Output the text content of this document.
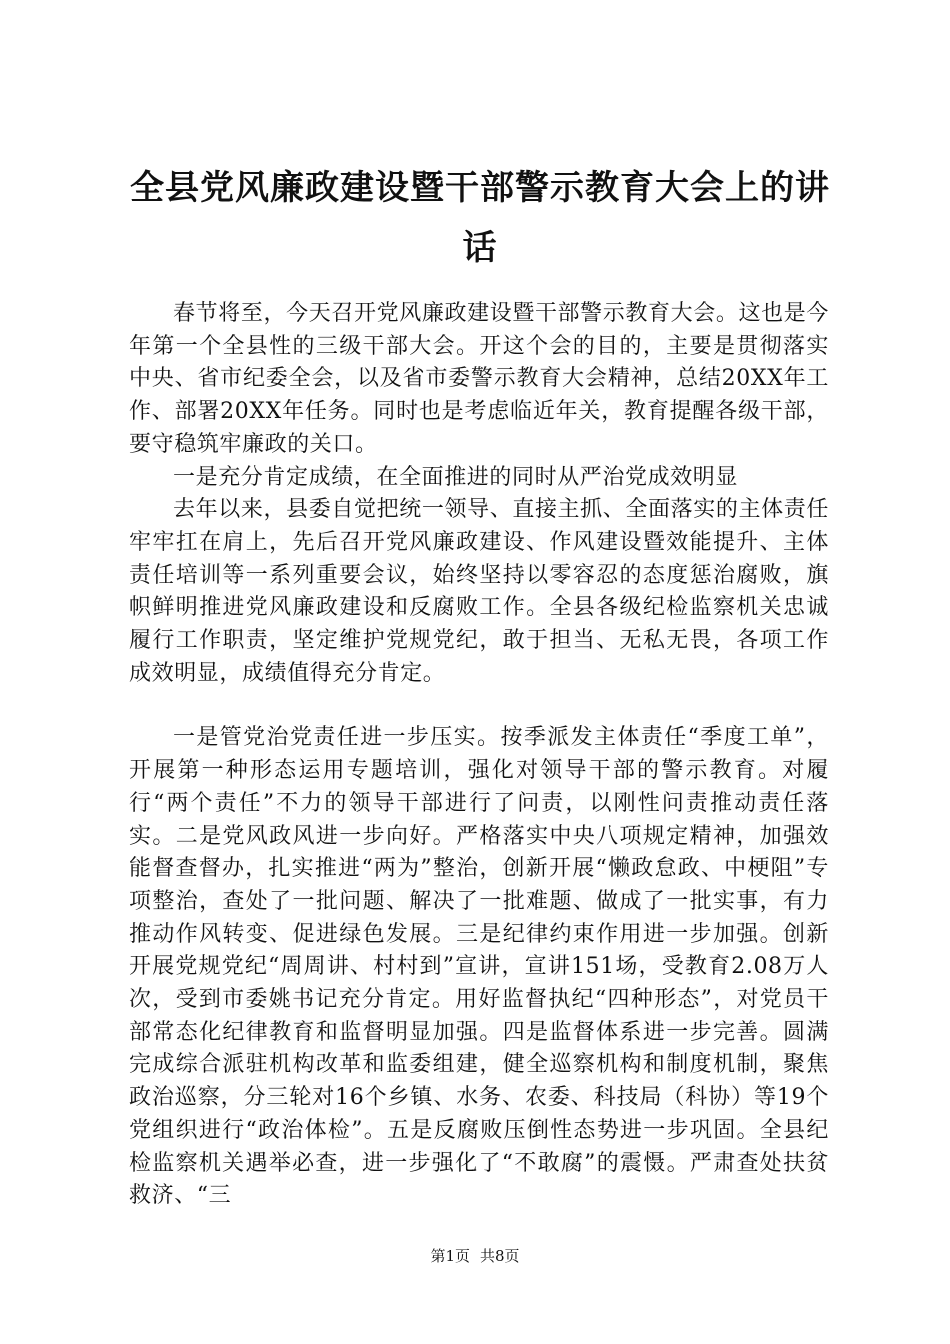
全县党风廉政建设暨干部警示教育大会上的讲话

春节将至，今天召开党风廉政建设暨干部警示教育大会。这也是今年第一个全县性的三级干部大会。开这个会的目的，主要是贯彻落实中央、省市纪委全会，以及省市委警示教育大会精神，总结20XX年工作、部署20XX年任务。同时也是考虑临近年关，教育提醒各级干部，要守稳筑牢廉政的关口。

一是充分肯定成绩，在全面推进的同时从严治党成效明显

去年以来，县委自觉把统一领导、直接主抓、全面落实的主体责任牢牢扛在肩上，先后召开党风廉政建设、作风建设暨效能提升、主体责任培训等一系列重要会议，始终坚持以零容忍的态度惩治腐败，旗帜鲜明推进党风廉政建设和反腐败工作。全县各级纪检监察机关忠诚履行工作职责，坚定维护党规党纪，敢于担当、无私无畏，各项工作成效明显，成绩值得充分肯定。

一是管党治党责任进一步压实。按季派发主体责任“季度工单”，开展第一种形态运用专题培训，强化对领导干部的警示教育。对履行“两个责任”不力的领导干部进行了问责，以刚性问责推动责任落实。二是党风政风进一步向好。严格落实中央八项规定精神，加强效能督查督办，扎实推进“两为”整治，创新开展“懒政怠政、中梗阻”专项整治，查处了一批问题、解决了一批难题、做成了一批实事，有力推动作风转变、促进绿色发展。三是纪律约束作用进一步加强。创新开展党规党纪“周周讲、村村到”宣讲，宣讲151场，受教育2.08万人次，受到市委姚书记充分肯定。用好监督执纪“四种形态”，对党员干部常态化纪律教育和监督明显加强。四是监督体系进一步完善。圆满完成综合派驻机构改革和监委组建，健全巡察机构和制度机制，聚焦政治巡察，分三轮对16个乡镇、水务、农委、科技局（科协）等19个党组织进行“政治体检”。五是反腐败压倒性态势进一步巩固。全县纪检监察机关遇举必查，进一步强化了“不敢腐”的震慑。严肃查处扶贫救济、“三

第1页 共8页
